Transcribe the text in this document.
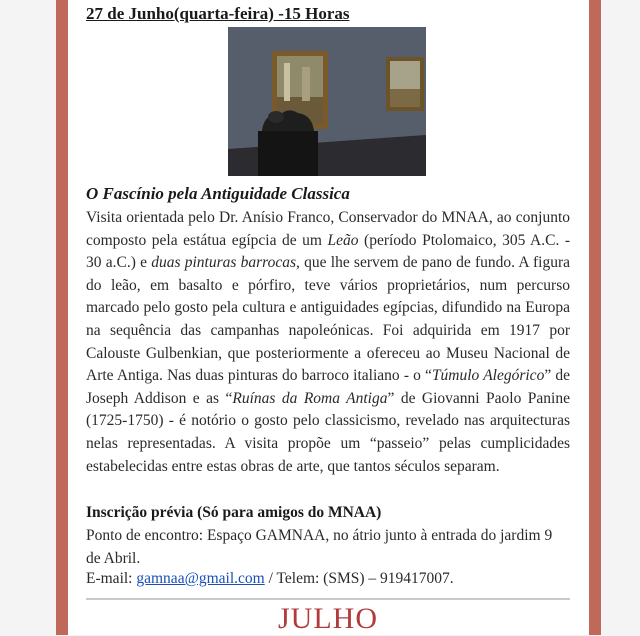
27 de Junho(quarta-feira) -15 Horas
O Fascínio pela Antiguidade Classica

Visita orientada pelo Dr. Anísio Franco, Conservador do MNAA, ao conjunto composto pela estátua egípcia de um Leão (período Ptolomaico, 305 A.C. - 30 a.C.) e duas pinturas barrocas, que lhe servem de pano de fundo. A figura do leão, em basalto e pórfiro, teve vários proprietários, num percurso marcado pelo gosto pela cultura e antiguidades egípcias, difundido na Europa na sequência das campanhas napoleónicas. Foi adquirida em 1917 por Calouste Gulbenkian, que posteriormente a ofereceu ao Museu Nacional de Arte Antiga. Nas duas pinturas do barroco italiano - o “Túmulo Alegórico” de Joseph Addison e as “Ruínas da Roma Antiga” de Giovanni Paolo Panine (1725-1750) - é notório o gosto pelo classicismo, revelado nas arquitecturas nelas representadas. A visita propõe um “passeio” pelas cumplicidades estabelecidas entre estas obras de arte, que tantos séculos separam.

Inscrição prévia (Só para amigos do MNAA)
Ponto de encontro: Espaço GAMNAA, no átrio junto à entrada do jardim 9 de Abril.
E-mail: gamnaa@gmail.com / Telem: (SMS) – 919417007.
JULHO
